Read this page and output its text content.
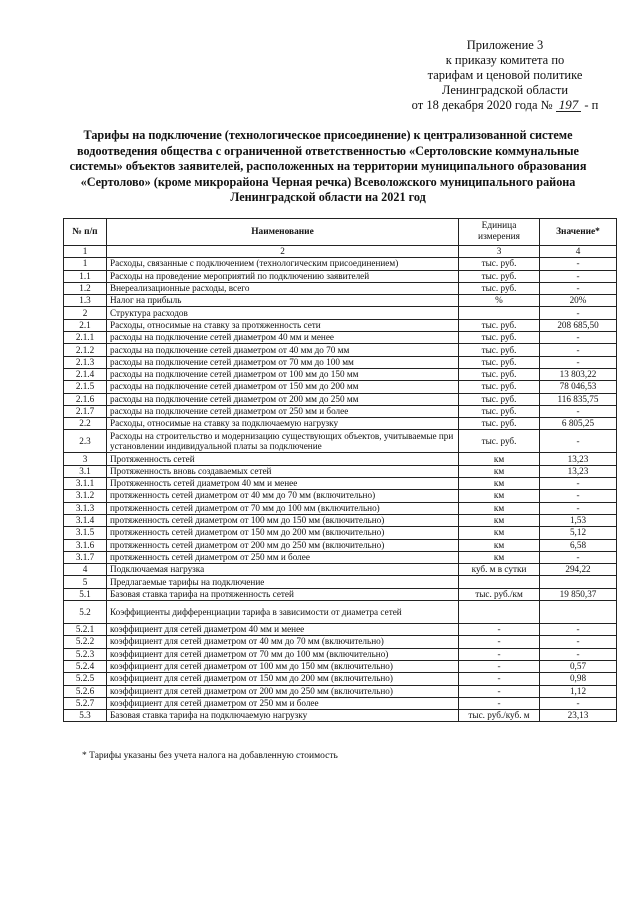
Приложение 3
к приказу комитета по
тарифам и ценовой политике
Ленинградской области
от 18 декабря 2020 года № 197 - п
Тарифы на подключение (технологическое присоединение) к централизованной системе
водоотведения общества с ограниченной ответственностью «Сертоловские коммунальные
системы» объектов заявителей, расположенных на территории муниципального образования
«Сертолово» (кроме микрорайона Черная речка) Всеволожского муниципального района
Ленинградской области на 2021 год
№ п/п	Наименование	Единица измерения	Значение*
1	2	3	4
1	Расходы, связанные с подключением (технологическим присоединением)	тыс. руб.	-
1.1	Расходы на проведение мероприятий по подключению заявителей	тыс. руб.	-
1.2	Внереализационные расходы, всего	тыс. руб.	-
1.3	Налог на прибыль	%	20%
2	Структура расходов		-
2.1	Расходы, относимые на ставку за протяженность сети	тыс. руб.	208 685,50
2.1.1	расходы на подключение сетей диаметром 40 мм и менее	тыс. руб.	-
2.1.2	расходы на подключение сетей диаметром от 40 мм до 70 мм	тыс. руб.	-
2.1.3	расходы на подключение сетей диаметром от 70 мм до 100 мм	тыс. руб.	-
2.1.4	расходы на подключение сетей диаметром от 100 мм до 150 мм	тыс. руб.	13 803,22
2.1.5	расходы на подключение сетей диаметром от 150 мм до 200 мм	тыс. руб.	78 046,53
2.1.6	расходы на подключение сетей диаметром от 200 мм до 250 мм	тыс. руб.	116 835,75
2.1.7	расходы на подключение сетей диаметром от 250 мм и более	тыс. руб.	-
2.2	Расходы, относимые на ставку за подключаемую нагрузку	тыс. руб.	6 805,25
2.3	Расходы на строительство и модернизацию существующих объектов, учитываемые при установлении индивидуальной платы за подключение	тыс. руб.	-
3	Протяженность сетей	км	13,23
3.1	Протяженность вновь создаваемых сетей	км	13,23
3.1.1	Протяженность сетей диаметром 40 мм и менее	км	-
3.1.2	протяженность сетей диаметром от 40 мм до 70 мм (включительно)	км	-
3.1.3	протяженность сетей диаметром от 70 мм до 100 мм (включительно)	км	-
3.1.4	протяженность сетей диаметром от 100 мм до 150 мм (включительно)	км	1,53
3.1.5	протяженность сетей диаметром от 150 мм до 200 мм (включительно)	км	5,12
3.1.6	протяженность сетей диаметром от 200 мм до 250 мм (включительно)	км	6,58
3.1.7	протяженность сетей диаметром от 250 мм и более	км	-
4	Подключаемая нагрузка	куб. м в сутки	294,22
5	Предлагаемые тарифы на подключение		
5.1	Базовая ставка тарифа на протяженность сетей	тыс. руб./км	19 850,37
5.2	Коэффициенты дифференциации тарифа в зависимости от диаметра сетей		
5.2.1	коэффициент для сетей диаметром 40 мм и менее	-	-
5.2.2	коэффициент для сетей диаметром от 40 мм до 70 мм (включительно)	-	-
5.2.3	коэффициент для сетей диаметром от 70 мм до 100 мм (включительно)	-	-
5.2.4	коэффициент для сетей диаметром от 100 мм до 150 мм (включительно)	-	0,57
5.2.5	коэффициент для сетей диаметром от 150 мм до 200 мм (включительно)	-	0,98
5.2.6	коэффициент для сетей диаметром от 200 мм до 250 мм (включительно)	-	1,12
5.2.7	коэффициент для сетей диаметром от 250 мм и более	-	-
5.3	Базовая ставка тарифа на подключаемую нагрузку	тыс. руб./куб. м	23,13
* Тарифы указаны без учета налога на добавленную стоимость
